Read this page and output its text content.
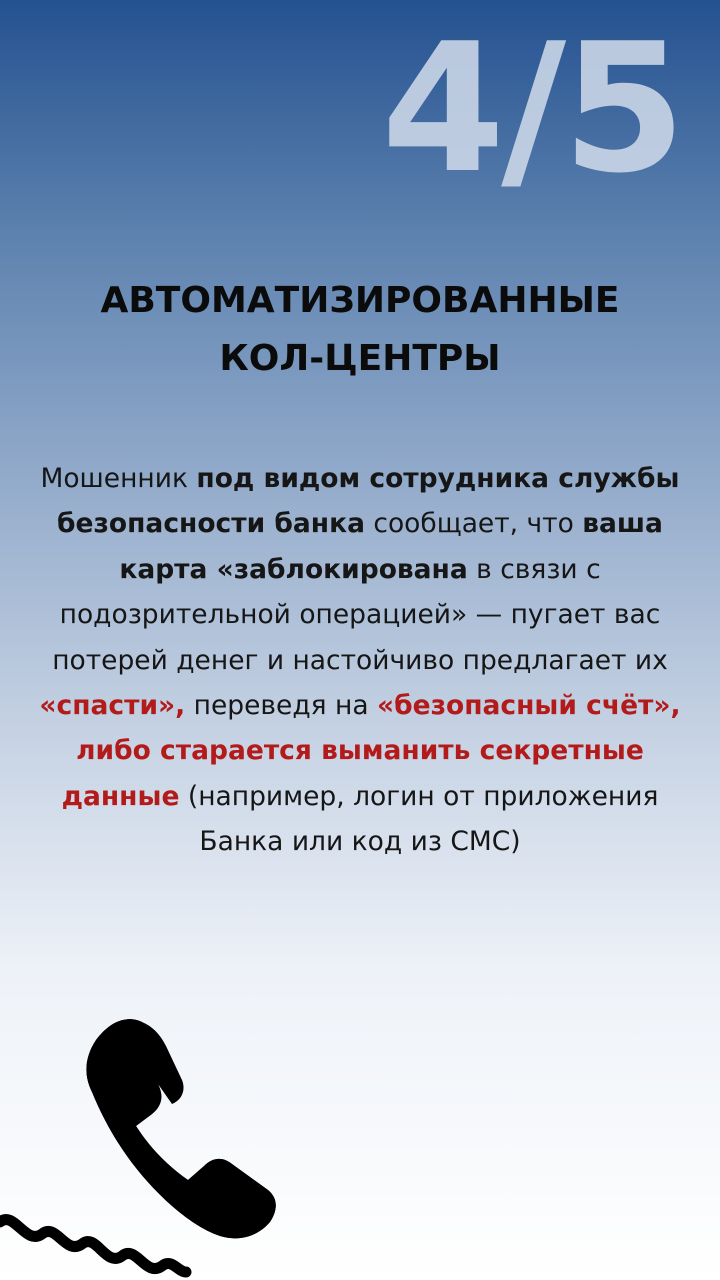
4/5
АВТОМАТИЗИРОВАННЫЕ
КОЛ-ЦЕНТРЫ

Мошенник под видом сотрудника службы безопасности банка сообщает, что ваша карта «заблокирована в связи с подозрительной операцией» — пугает вас потерей денег и настойчиво предлагает их «спасти», переведя на «безопасный счёт», либо старается выманить секретные данные (например, логин от приложения Банка или код из СМС)
